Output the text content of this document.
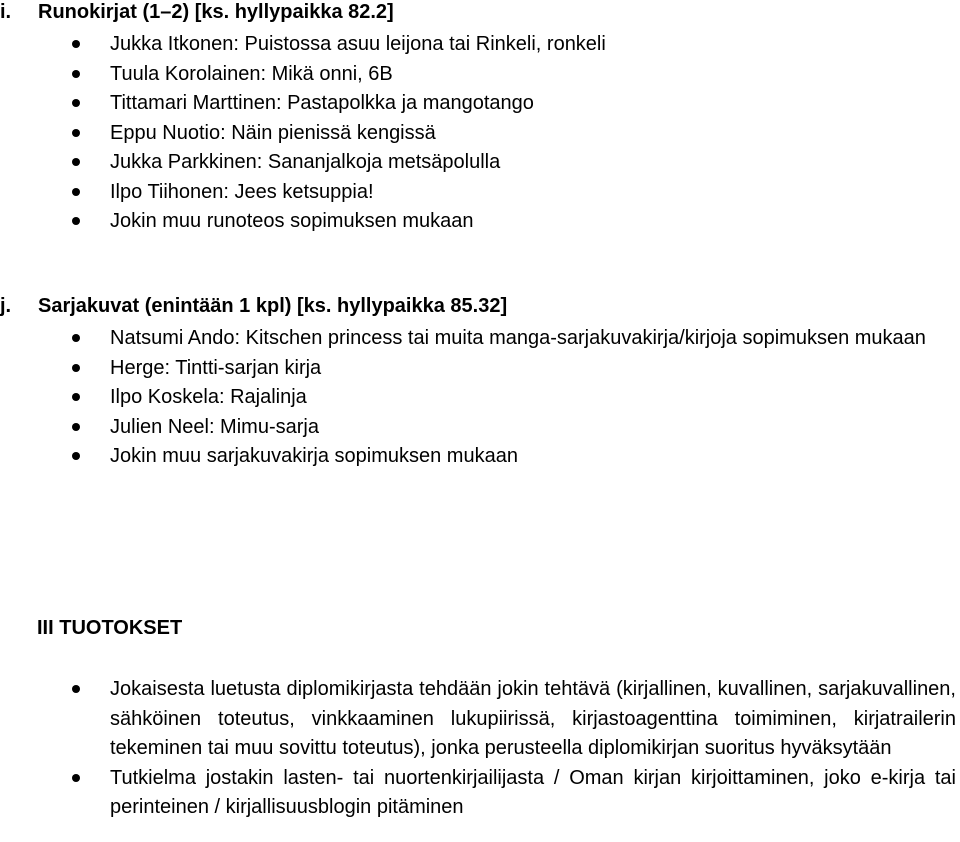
i. Runokirjat (1–2) [ks. hyllypaikka 82.2]
Jukka Itkonen: Puistossa asuu leijona tai Rinkeli, ronkeli
Tuula Korolainen: Mikä onni, 6B
Tittamari Marttinen: Pastapolkka ja mangotango
Eppu Nuotio: Näin pienissä kengissä
Jukka Parkkinen: Sananjalkoja metsäpolulla
Ilpo Tiihonen: Jees ketsuppia!
Jokin muu runoteos sopimuksen mukaan
j. Sarjakuvat (enintään 1 kpl) [ks. hyllypaikka 85.32]
Natsumi Ando: Kitschen princess tai muita manga-sarjakuvakirja/kirjoja sopimuksen mukaan
Herge: Tintti-sarjan kirja
Ilpo Koskela: Rajalinja
Julien Neel: Mimu-sarja
Jokin muu sarjakuvakirja sopimuksen mukaan
III TUOTOKSET
Jokaisesta luetusta diplomikirjasta tehdään jokin tehtävä (kirjallinen, kuvallinen, sarjakuvallinen, sähköinen toteutus, vinkkaaminen lukupiirissä, kirjastoagenttina toimiminen, kirjatrailerin tekeminen tai muu sovittu toteutus), jonka perusteella diplomikirjan suoritus hyväksytään
Tutkielma jostakin lasten- tai nuortenkirjailijasta / Oman kirjan kirjoittaminen, joko e-kirja tai perinteinen / kirjallisuusblogin pitäminen
